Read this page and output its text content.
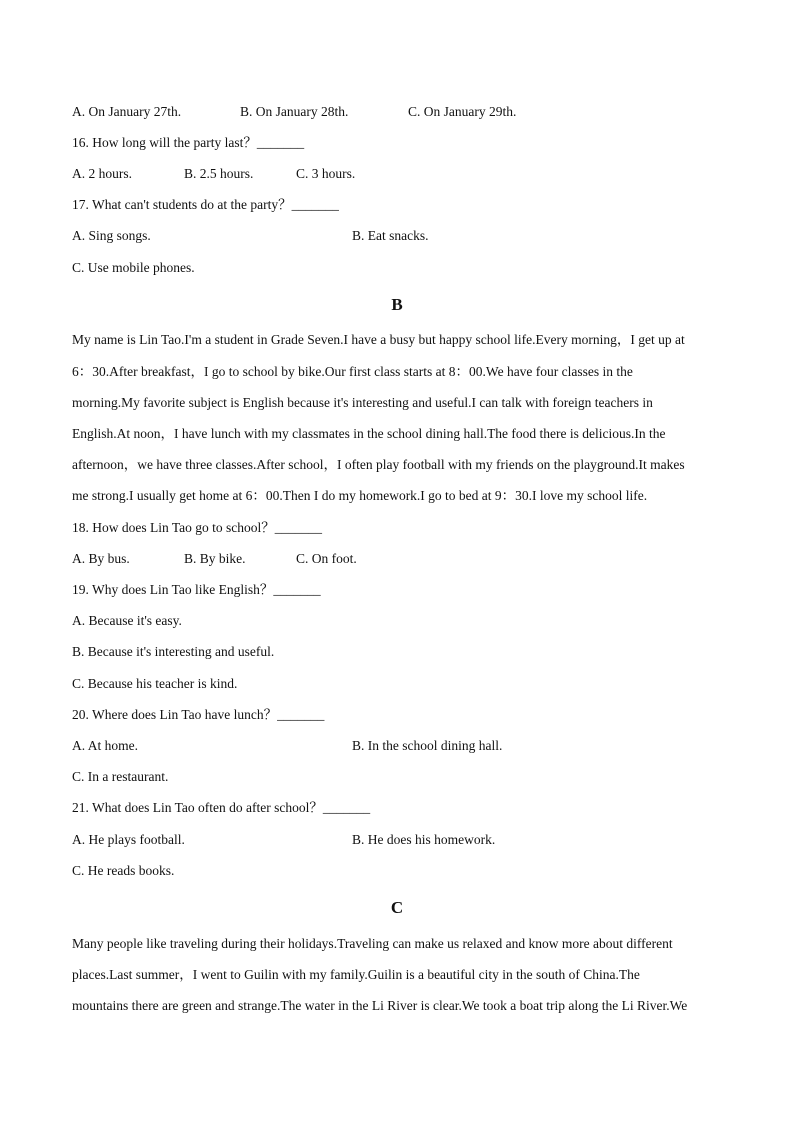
A. On January 27th.	B. On January 28th.	C. On January 29th.
16. How long will the party last？_______
A. 2 hours.	B. 2.5 hours.	C. 3 hours.
17. What can't students do at the party？_______
A. Sing songs.	B. Eat snacks.
C. Use mobile phones.
B
My name is Lin Tao.I'm a student in Grade Seven.I have a busy but happy school life.Every morning，I get up at
6：30.After breakfast，I go to school by bike.Our first class starts at 8：00.We have four classes in the
morning.My favorite subject is English because it's interesting and useful.I can talk with foreign teachers in
English.At noon，I have lunch with my classmates in the school dining hall.The food there is delicious.In the
afternoon，we have three classes.After school，I often play football with my friends on the playground.It makes
me strong.I usually get home at 6：00.Then I do my homework.I go to bed at 9：30.I love my school life.
18. How does Lin Tao go to school？_______
A. By bus.	B. By bike.	C. On foot.
19. Why does Lin Tao like English？_______
A. Because it's easy.
B. Because it's interesting and useful.
C. Because his teacher is kind.
20. Where does Lin Tao have lunch？_______
A. At home.	B. In the school dining hall.
C. In a restaurant.
21. What does Lin Tao often do after school？_______
A. He plays football.	B. He does his homework.
C. He reads books.
C
Many people like traveling during their holidays.Traveling can make us relaxed and know more about different
places.Last summer，I went to Guilin with my family.Guilin is a beautiful city in the south of China.The
mountains there are green and strange.The water in the Li River is clear.We took a boat trip along the Li River.We
